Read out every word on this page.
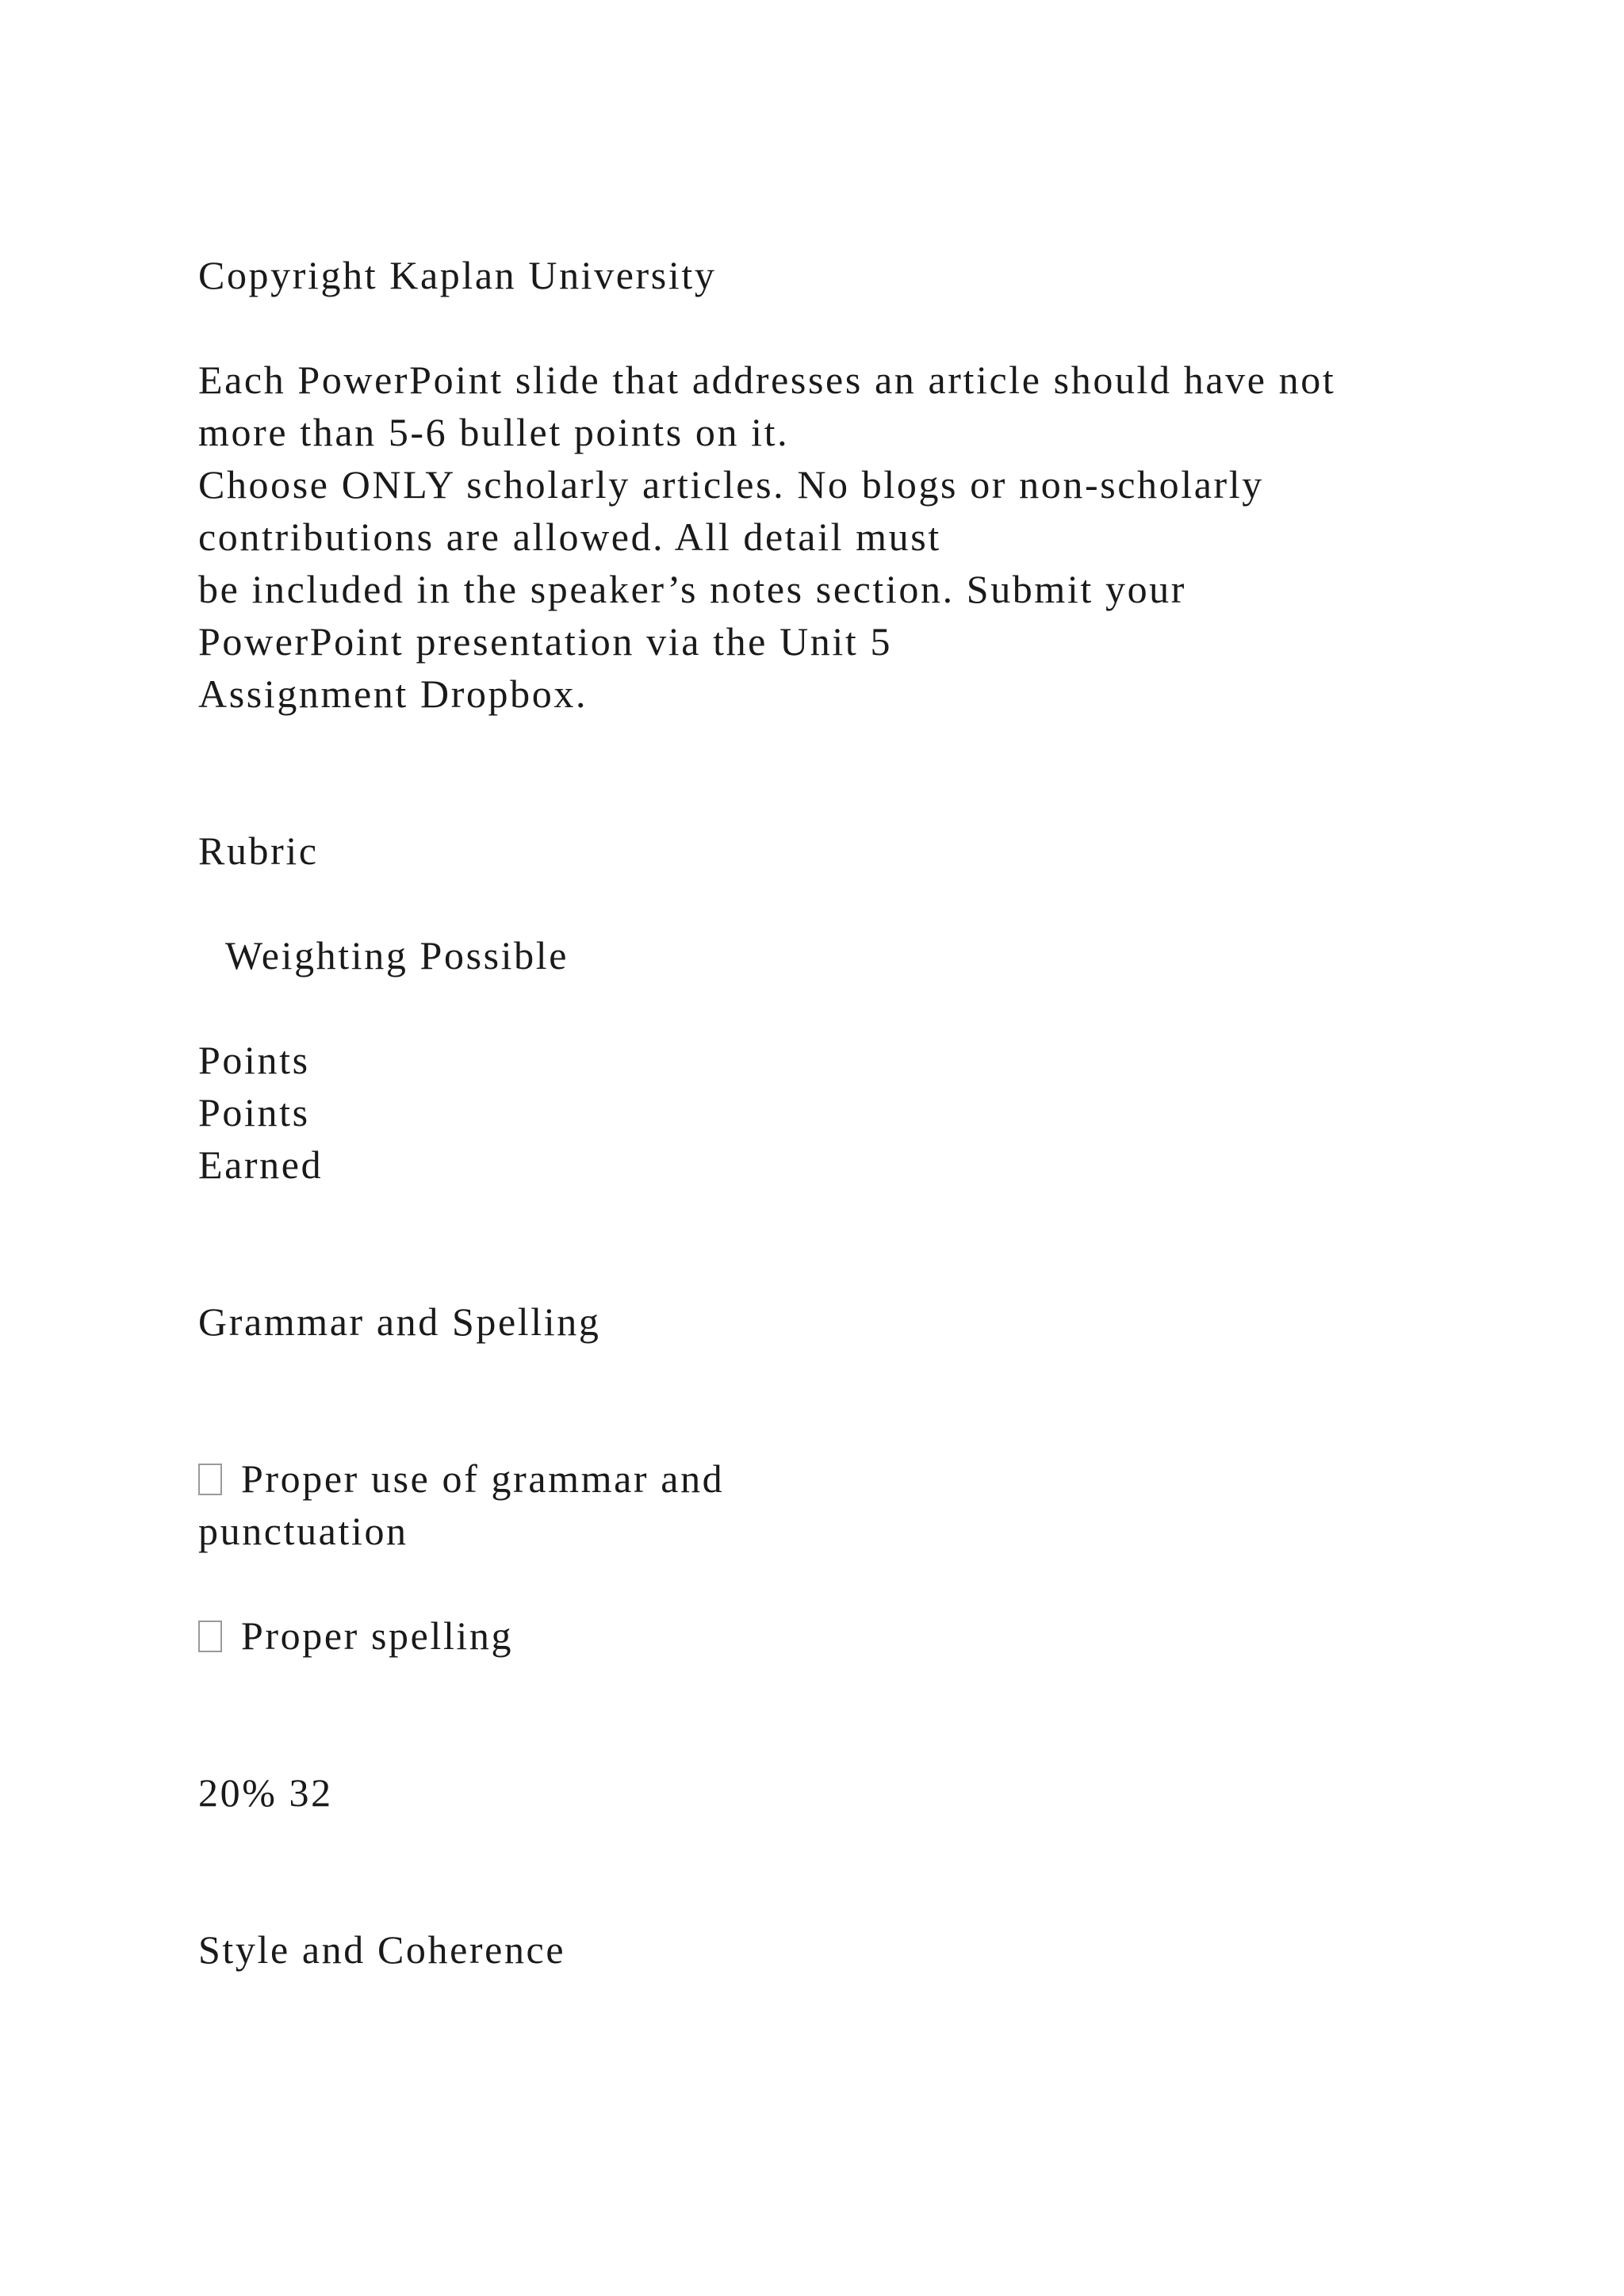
Copyright Kaplan University
Each PowerPoint slide that addresses an article should have not
more than 5-6 bullet points on it.
Choose ONLY scholarly articles. No blogs or non-scholarly
contributions are allowed. All detail must
be included in the speaker’s notes section. Submit your
PowerPoint presentation via the Unit 5
Assignment Dropbox.
Rubric
Weighting Possible
Points
Points
Earned
Grammar and Spelling
Proper use of grammar and
punctuation
Proper spelling
20% 32
Style and Coherence
